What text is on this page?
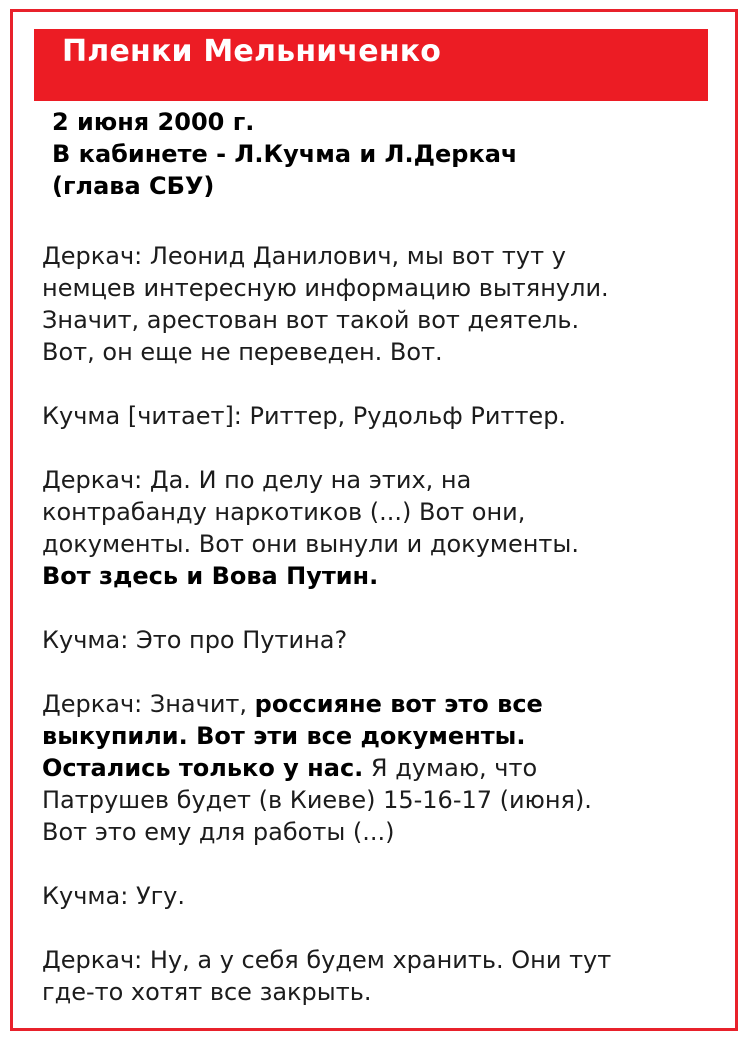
Пленки Мельниченко
2 июня 2000 г.
В кабинете - Л.Кучма и Л.Деркач
(глава СБУ)
Деркач: Леонид Данилович, мы вот тут у
немцев интересную информацию вытянули.
Значит, арестован вот такой вот деятель.
Вот, он еще не переведен. Вот.
Кучма [читает]: Риттер, Рудольф Риттер.
Деркач: Да. И по делу на этих, на
контрабанду наркотиков (...) Вот они,
документы. Вот они вынули и документы.
Вот здесь и Вова Путин.
Кучма: Это про Путина?
Деркач: Значит, россияне вот это все
выкупили. Вот эти все документы.
Остались только у нас. Я думаю, что
Патрушев будет (в Киеве) 15-16-17 (июня).
Вот это ему для работы (...)
Кучма: Угу.
Деркач: Ну, а у себя будем хранить. Они тут
где-то хотят все закрыть.
